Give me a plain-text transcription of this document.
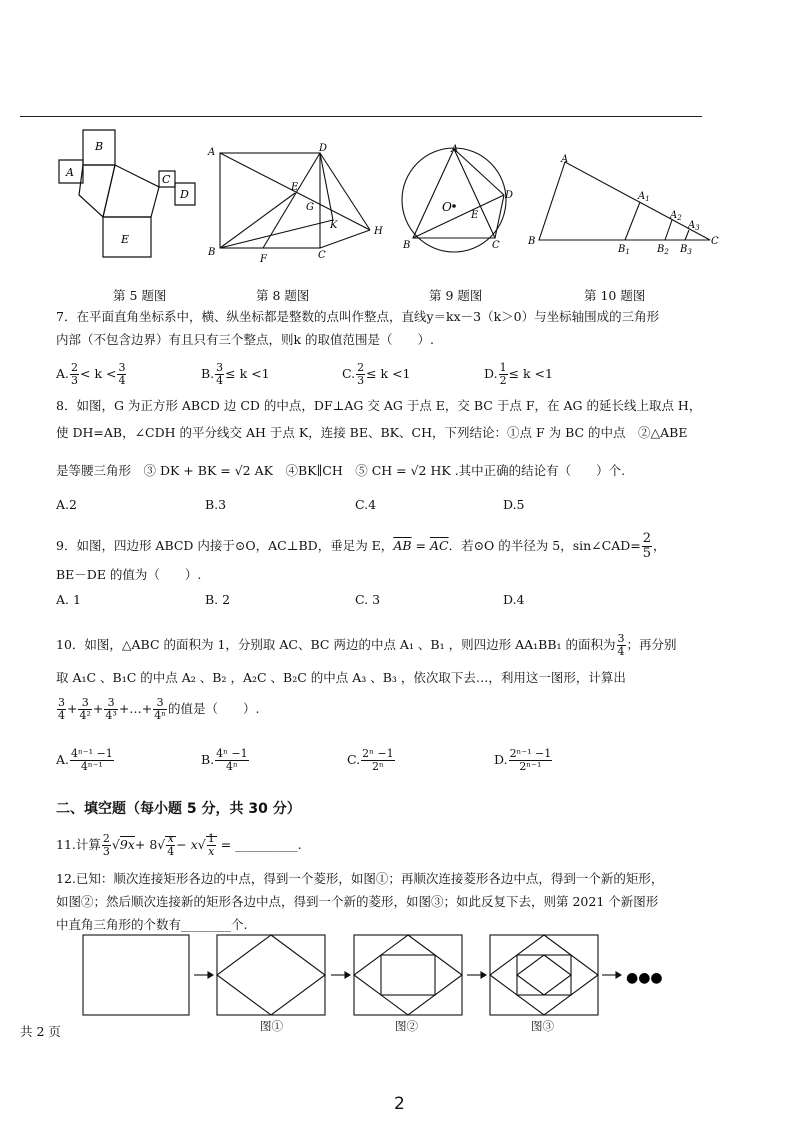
B
A
C
D
E
A	D
E
G
K
H
B
F	C
A
D
O
E
B	C
A
$A_1$
$A_2$
$A_3$
B
$B_1$	$B_2$ $B_3$
C
第 5 题图	第 8 题图	第 9 题图	第 10 题图
7．在平面直角坐标系中，横、纵坐标都是整数的点叫作整点，直线y＝kx－3（k＞0）与坐标轴围成的三角形
内部（不包含边界）有且只有三个整点，则k 的取值范围是（　　）.
A. $\frac{2}{3} < k < \frac{3}{4}$	B. $\frac{3}{4} \le k <1$	C. $\frac{2}{3} \le k <1$	D. $\frac{1}{2} \le k <1$
8．如图，G 为正方形 ABCD 边 CD 的中点，DF⊥AG 交 AG 于点 E，交 BC 于点 F，在 AG 的延长线上取点 H，
使 DH=AB，∠CDH 的平分线交 AH 于点 K，连接 BE、BK、CH，下列结论：①点 F 为 BC 的中点　②△ABE
是等腰三角形　③ DK + BK = √2 AK　④BK∥CH　⑤ CH = √2 HK .其中正确的结论有（　　）个.
A.2	B.3	C.4	D.5
9．如图，四边形 ABCD 内接于⊙O，AC⊥BD，垂足为 E，$\overline{AB} = \overline{AC}$．若⊙O 的半径为 5，sin∠CAD= $\frac{2}{5}$ ，
BE－DE 的值为（　　）.
A. 1	B. 2	C. 3	D.4
10．如图，△ABC 的面积为 1，分别取 AC、BC 两边的中点 A₁ 、B₁ ，则四边形 AA₁BB₁ 的面积为 $\frac{3}{4}$ ；再分别
取 A₁C 、B₁C 的中点 A₂ 、B₂ ，A₂C 、B₂C 的中点 A₃ 、B₃ ，依次取下去…，利用这一图形，计算出
$\frac{3}{4} + \frac{3}{\text{4²}} + \frac{3}{\text{4³}}$ +…+ $\frac{3}{\text{4ⁿ}}$ 的值是（　　）.
A. $\frac{\text{4ⁿ⁻¹ −1}}{\text{4ⁿ⁻¹}}$	B. $\frac{\text{4ⁿ −1}}{\text{4ⁿ}}$	C. $\frac{\text{2ⁿ −1}}{\text{2ⁿ}}$	D. $\frac{\text{2ⁿ⁻¹ −1}}{\text{2ⁿ⁻¹}}$
二、填空题（每小题 5 分，共 30 分）
11.计算 $\frac{2}{3} √9x+ 8√ \frac{x}{4} - x√ \frac{1}{x}$ = __________.
12.已知：顺次连接矩形各边的中点，得到一个菱形，如图①；再顺次连接菱形各边中点，得到一个新的矩形，
如图②；然后顺次连接新的矩形各边中点，得到一个新的菱形，如图③；如此反复下去，则第 2021 个新图形
中直角三角形的个数有________个.
●●●
图①	图②	图③
共 2 页
2
